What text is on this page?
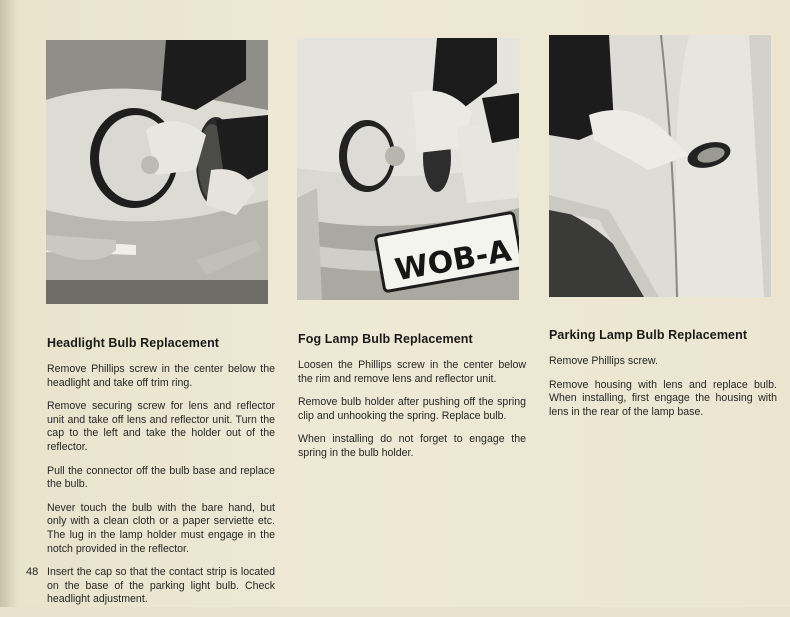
WOB-A
Headlight Bulb Replacement

Remove Phillips screw in the center below the headlight and take off trim ring.

Remove securing screw for lens and reflector unit and take off lens and reflector unit. Turn the cap to the left and take the holder out of the reflector.

Pull the connector off the bulb base and replace the bulb.

Never touch the bulb with the bare hand, but only with a clean cloth or a paper serviette etc. The lug in the lamp holder must engage in the notch provided in the reflector.

Insert the cap so that the contact strip is located on the base of the parking light bulb. Check headlight adjustment.

Fog Lamp Bulb Replacement

Loosen the Phillips screw in the center below the rim and remove lens and reflector unit.

Remove bulb holder after pushing off the spring clip and unhooking the spring. Replace bulb.

When installing do not forget to engage the spring in the bulb holder.

Parking Lamp Bulb Replacement

Remove Phillips screw.

Remove housing with lens and replace bulb. When installing, first engage the housing with lens in the rear of the lamp base.

48
